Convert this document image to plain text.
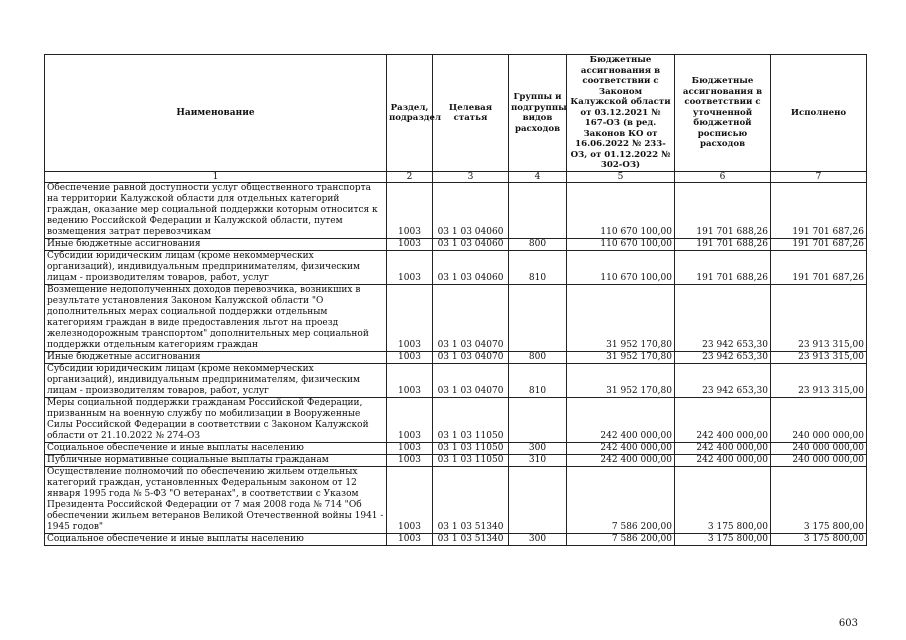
Наименование	Раздел, подраздел	Целевая статья	Группы и подгруппы видов расходов	Бюджетные ассигнования в соответствии с Законом Калужской области от 03.12.2021 № 167-ОЗ (в ред. Законов КО от 16.06.2022 № 233-ОЗ, от 01.12.2022 № 302-ОЗ)	Бюджетные ассигнования в соответствии с уточненной бюджетной росписью расходов	Исполнено
1	2	3	4	5	6	7
Обеспечение равной доступности услуг общественного транспорта на территории Калужской области для отдельных категорий граждан, оказание мер социальной поддержки которым относится к ведению Российской Федерации и Калужской области, путем возмещения затрат перевозчикам	1003	03 1 03 04060		110 670 100,00	191 701 688,26	191 701 687,26
Иные бюджетные ассигнования	1003	03 1 03 04060	800	110 670 100,00	191 701 688,26	191 701 687,26
Субсидии юридическим лицам (кроме некоммерческих организаций), индивидуальным предпринимателям, физическим лицам - производителям товаров, работ, услуг	1003	03 1 03 04060	810	110 670 100,00	191 701 688,26	191 701 687,26
Возмещение недополученных доходов перевозчика, возникших в результате установления Законом Калужской области "О дополнительных мерах социальной поддержки отдельным категориям граждан в виде предоставления льгот на проезд железнодорожным транспортом" дополнительных мер социальной поддержки отдельным категориям граждан	1003	03 1 03 04070		31 952 170,80	23 942 653,30	23 913 315,00
Иные бюджетные ассигнования	1003	03 1 03 04070	800	31 952 170,80	23 942 653,30	23 913 315,00
Субсидии юридическим лицам (кроме некоммерческих организаций), индивидуальным предпринимателям, физическим лицам - производителям товаров, работ, услуг	1003	03 1 03 04070	810	31 952 170,80	23 942 653,30	23 913 315,00
Меры социальной поддержки гражданам Российской Федерации, призванным на военную службу по мобилизации в Вооруженные Силы Российской Федерации в соответствии с Законом Калужской области от 21.10.2022 № 274-ОЗ	1003	03 1 03 11050		242 400 000,00	242 400 000,00	240 000 000,00
Социальное обеспечение и иные выплаты населению	1003	03 1 03 11050	300	242 400 000,00	242 400 000,00	240 000 000,00
Публичные нормативные социальные выплаты гражданам	1003	03 1 03 11050	310	242 400 000,00	242 400 000,00	240 000 000,00
Осуществление полномочий по обеспечению жильем отдельных категорий граждан, установленных Федеральным законом от 12 января 1995 года № 5-ФЗ "О ветеранах", в соответствии с Указом Президента Российской Федерации от 7 мая 2008 года № 714 "Об обеспечении жильем ветеранов Великой Отечественной войны 1941 - 1945 годов"	1003	03 1 03 51340		7 586 200,00	3 175 800,00	3 175 800,00
Социальное обеспечение и иные выплаты населению	1003	03 1 03 51340	300	7 586 200,00	3 175 800,00	3 175 800,00
603
